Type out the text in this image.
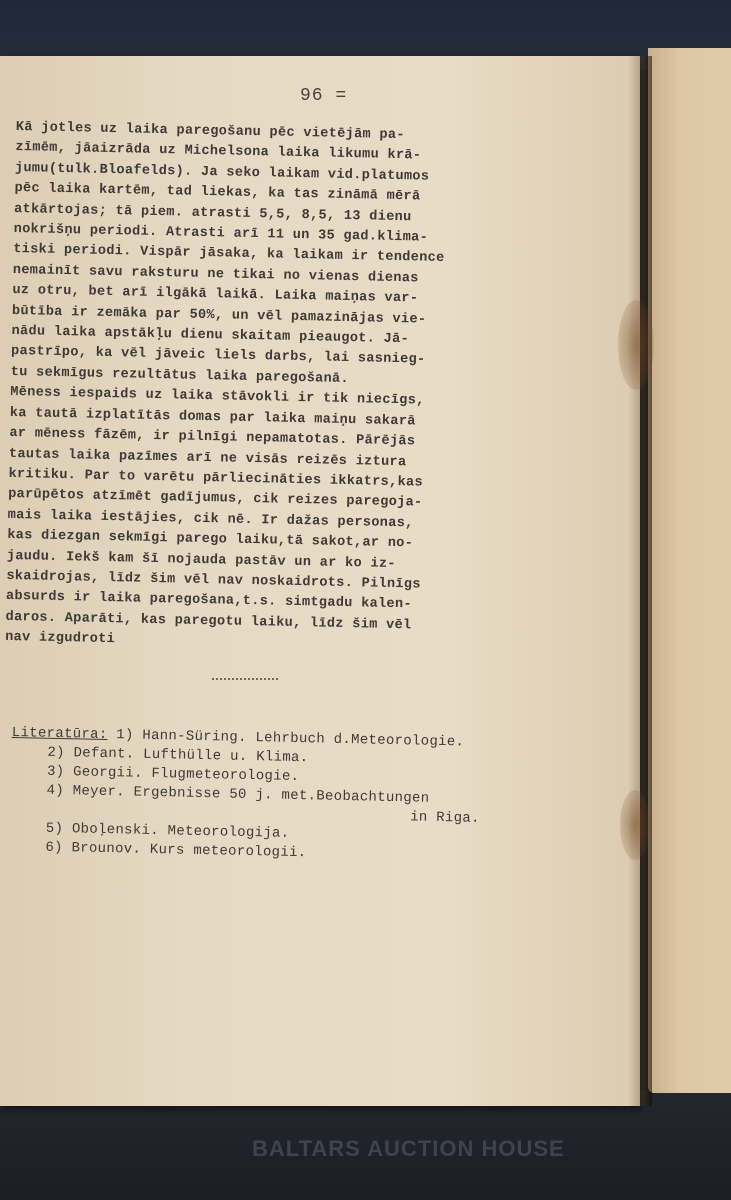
96 =
Kā jotles uz laika paregošanu pēc vietējām pa-
zīmēm, jāaizrāda uz Michelsona laika likumu krā-
jumu(tulk.Bloafelds). Ja seko laikam vid.platumos
pēc laika kartēm, tad liekas, ka tas zināmā mērā
atkārtojas; tā piem. atrasti 5,5, 8,5, 13 dienu
nokrišņu periodi. Atrasti arī 11 un 35 gad.klima-
tiski periodi. Vispār jāsaka, ka laikam ir tendence
nemainīt savu raksturu ne tikai no vienas dienas
uz otru, bet arī ilgākā laikā. Laika maiņas var-
būtība ir zemāka par 50%, un vēl pamazinājas vie-
nādu laika apstākļu dienu skaitam pieaugot. Jā-
pastrīpo, ka vēl jāveic liels darbs, lai sasnieg-
tu sekmīgus rezultātus laika paregošanā.
Mēness iespaids uz laika stāvokli ir tik niecīgs,
ka tautā izplatītās domas par laika maiņu sakarā
ar mēness fāzēm, ir pilnīgi nepamatotas. Pārējās
tautas laika pazīmes arī ne visās reizēs iztura
kritiku. Par to varētu pārliecināties ikkatrs,kas
parūpētos atzīmēt gadījumus, cik reizes paregoja-
mais laika iestājies, cik nē. Ir dažas personas,
kas diezgan sekmīgi parego laiku,tā sakot,ar no-
jaudu. Iekš kam šī nojauda pastāv un ar ko iz-
skaidrojas, līdz šim vēl nav noskaidrots. Pilnīgs
absurds ir laika paregošana,t.s. simtgadu kalen-
daros. Aparāti, kas paregotu laiku, līdz šim vēl
nav izgudroti
Literatūra: 1) Hann-Süring. Lehrbuch d.Meteorologie.
2) Defant. Lufthülle u. Klima.
3) Georgii. Flugmeteorologie.
4) Meyer. Ergebnisse 50 j. met.Beobachtungen
in Riga.
5) Oboļenski. Meteorologija.
6) Brounov. Kurs meteorologii.
BALTARS AUCTION HOUSE
